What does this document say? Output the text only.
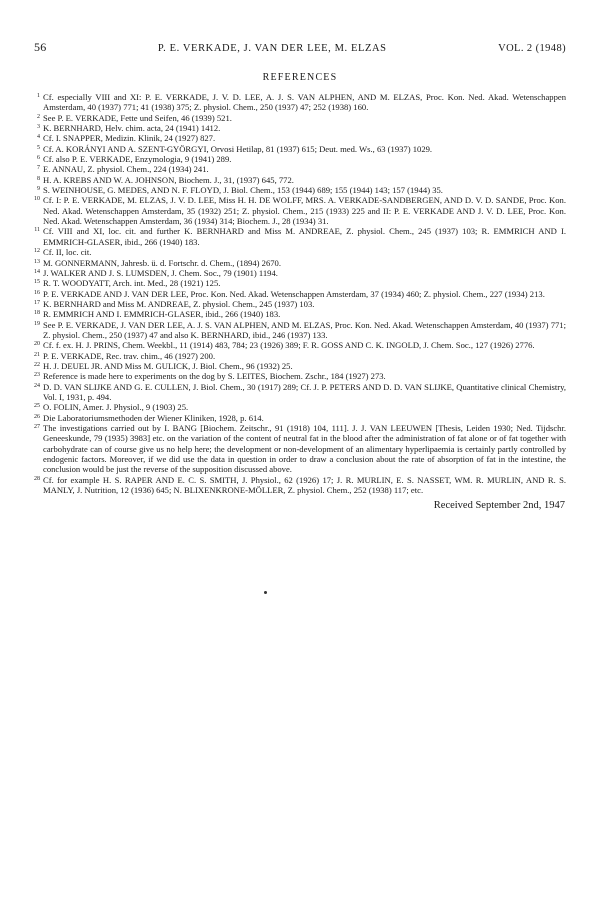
56	P. E. VERKADE, J. VAN DER LEE, M. ELZAS	VOL. 2 (1948)
REFERENCES
1 Cf. especially VIII and XI: P. E. VERKADE, J. V. D. LEE, A. J. S. VAN ALPHEN, AND M. ELZAS, Proc. Kon. Ned. Akad. Wetenschappen Amsterdam, 40 (1937) 771; 41 (1938) 375; Z. physiol. Chem., 250 (1937) 47; 252 (1938) 160.
2 See P. E. VERKADE, Fette und Seifen, 46 (1939) 521.
3 K. BERNHARD, Helv. chim. acta, 24 (1941) 1412.
4 Cf. I. SNAPPER, Medizin. Klinik, 24 (1927) 827.
5 Cf. A. KORÁNYI AND A. SZENT-GYÖRGYI, Orvosi Hetilap, 81 (1937) 615; Deut. med. Ws., 63 (1937) 1029.
6 Cf. also P. E. VERKADE, Enzymologia, 9 (1941) 289.
7 E. ANNAU, Z. physiol. Chem., 224 (1934) 241.
8 H. A. KREBS AND W. A. JOHNSON, Biochem. J., 31, (1937) 645, 772.
9 S. WEINHOUSE, G. MEDES, AND N. F. FLOYD, J. Biol. Chem., 153 (1944) 689; 155 (1944) 143; 157 (1944) 35.
10 Cf. I: P. E. VERKADE, M. ELZAS, J. V. D. LEE, Miss H. H. DE WOLFF, MRS. A. VERKADE-SANDBERGEN, AND D. V. D. SANDE, Proc. Kon. Ned. Akad. Wetenschappen Amsterdam, 35 (1932) 251; Z. physiol. Chem., 215 (1933) 225 and II: P. E. VERKADE AND J. V. D. LEE, Proc. Kon. Ned. Akad. Wetenschappen Amsterdam, 36 (1934) 314; Biochem. J., 28 (1934) 31.
11 Cf. VIII and XI, loc. cit. and further K. BERNHARD and Miss M. ANDREAE, Z. physiol. Chem., 245 (1937) 103; R. EMMRICH AND I. EMMRICH-GLASER, ibid., 266 (1940) 183.
12 Cf. II, loc. cit.
13 M. GONNERMANN, Jahresb. ü. d. Fortschr. d. Chem., (1894) 2670.
14 J. WALKER AND J. S. LUMSDEN, J. Chem. Soc., 79 (1901) 1194.
15 R. T. WOODYATT, Arch. int. Med., 28 (1921) 125.
16 P. E. VERKADE AND J. VAN DER LEE, Proc. Kon. Ned. Akad. Wetenschappen Amsterdam, 37 (1934) 460; Z. physiol. Chem., 227 (1934) 213.
17 K. BERNHARD and Miss M. ANDREAE, Z. physiol. Chem., 245 (1937) 103.
18 R. EMMRICH AND I. EMMRICH-GLASER, ibid., 266 (1940) 183.
19 See P. E. VERKADE, J. VAN DER LEE, A. J. S. VAN ALPHEN, AND M. ELZAS, Proc. Kon. Ned. Akad. Wetenschappen Amsterdam, 40 (1937) 771; Z. physiol. Chem., 250 (1937) 47 and also K. BERNHARD, ibid., 246 (1937) 133.
20 Cf. f. ex. H. J. PRINS, Chem. Weekbl., 11 (1914) 483, 784; 23 (1926) 389; F. R. GOSS AND C. K. INGOLD, J. Chem. Soc., 127 (1926) 2776.
21 P. E. VERKADE, Rec. trav. chim., 46 (1927) 200.
22 H. J. DEUEL JR. AND Miss M. GULICK, J. Biol. Chem., 96 (1932) 25.
23 Reference is made here to experiments on the dog by S. LEITES, Biochem. Zschr., 184 (1927) 273.
24 D. D. VAN SLIJKE AND G. E. CULLEN, J. Biol. Chem., 30 (1917) 289; Cf. J. P. PETERS AND D. D. VAN SLIJKE, Quantitative clinical Chemistry, Vol. I, 1931, p. 494.
25 O. FOLIN, Amer. J. Physiol., 9 (1903) 25.
26 Die Laboratoriumsmethoden der Wiener Kliniken, 1928, p. 614.
27 The investigations carried out by I. BANG [Biochem. Zeitschr., 91 (1918) 104, 111]. J. J. VAN LEEUWEN [Thesis, Leiden 1930; Ned. Tijdschr. Geneeskunde, 79 (1935) 3983] etc. on the variation of the content of neutral fat in the blood after the administration of fat alone or of fat together with carbohydrate can of course give us no help here; the development or non-development of an alimentary hyperlipaemia is certainly partly controlled by endogenic factors. Moreover, if we did use the data in question in order to draw a conclusion about the rate of absorption of fat in the intestine, the conclusion would be just the reverse of the supposition discussed above.
28 Cf. for example H. S. RAPER AND E. C. S. SMITH, J. Physiol., 62 (1926) 17; J. R. MURLIN, E. S. NASSET, WM. R. MURLIN, AND R. S. MANLY, J. Nutrition, 12 (1936) 645; N. BLIXENKRONE-MÖLLER, Z. physiol. Chem., 252 (1938) 117; etc.
Received September 2nd, 1947
